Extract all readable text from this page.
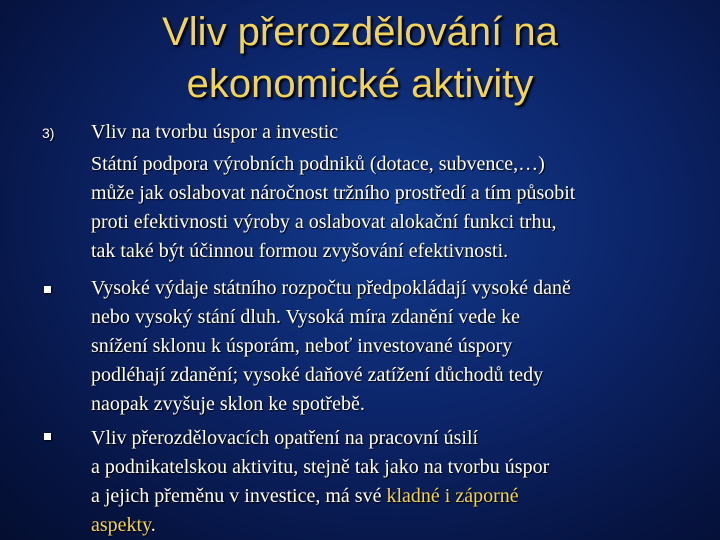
Vliv přerozdělování na
ekonomické aktivity
3) Vliv na tvorbu úspor a investic
Státní podpora výrobních podniků (dotace, subvence,…)
může jak oslabovat náročnost tržního prostředí a tím působit
proti efektivnosti výroby a oslabovat alokační funkci trhu,
tak také být účinnou formou zvyšování efektivnosti.
Vysoké výdaje státního rozpočtu předpokládají vysoké daně
nebo vysoký stání dluh. Vysoká míra zdanění vede ke
snížení sklonu k úsporám, neboť investované úspory
podléhají zdanění; vysoké daňové zatížení důchodů tedy
naopak zvyšuje sklon ke spotřebě.
Vliv přerozdělovacích opatření na pracovní úsilí
a podnikatelskou aktivitu, stejně tak jako na tvorbu úspor
a jejich přeměnu v investice, má své kladné i záporné
aspekty.
